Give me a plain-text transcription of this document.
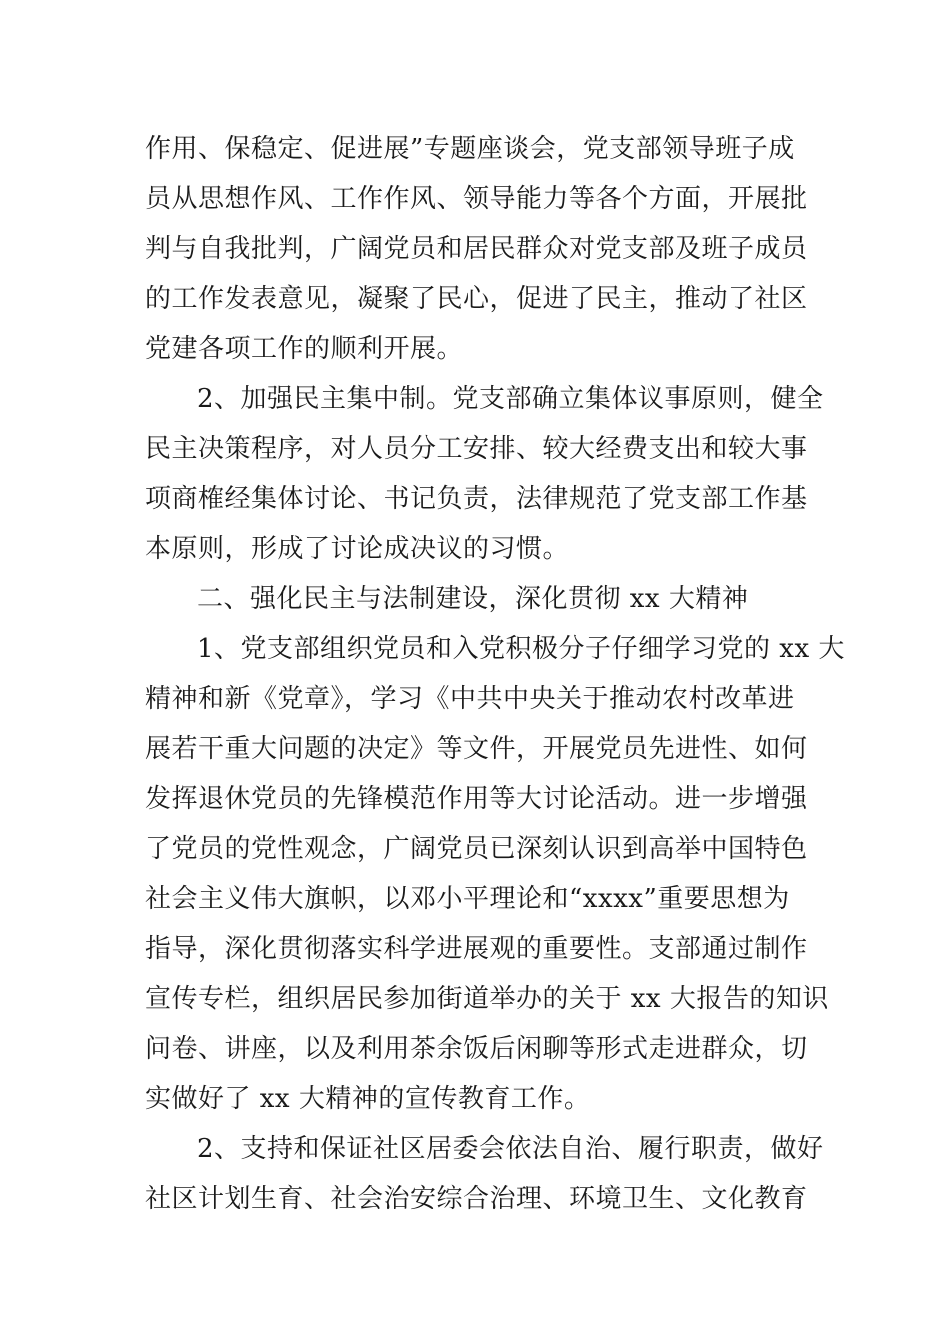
作用、保稳定、促进展”专题座谈会，党支部领导班子成
员从思想作风、工作作风、领导能力等各个方面，开展批
判与自我批判，广阔党员和居民群众对党支部及班子成员
的工作发表意见，凝聚了民心，促进了民主，推动了社区
党建各项工作的顺利开展。
2、加强民主集中制。党支部确立集体议事原则，健全
民主决策程序，对人员分工安排、较大经费支出和较大事
项商榷经集体讨论、书记负责，法律规范了党支部工作基
本原则，形成了讨论成决议的习惯。
二、强化民主与法制建设，深化贯彻 xx 大精神
1、党支部组织党员和入党积极分子仔细学习党的 xx 大
精神和新《党章》，学习《中共中央关于推动农村改革进
展若干重大问题的决定》等文件，开展党员先进性、如何
发挥退休党员的先锋模范作用等大讨论活动。进一步增强
了党员的党性观念，广阔党员已深刻认识到高举中国特色
社会主义伟大旗帜，以邓小平理论和“xxxx”重要思想为
指导，深化贯彻落实科学进展观的重要性。支部通过制作
宣传专栏，组织居民参加街道举办的关于 xx 大报告的知识
问卷、讲座，以及利用茶余饭后闲聊等形式走进群众，切
实做好了 xx 大精神的宣传教育工作。
2、支持和保证社区居委会依法自治、履行职责，做好
社区计划生育、社会治安综合治理、环境卫生、文化教育
